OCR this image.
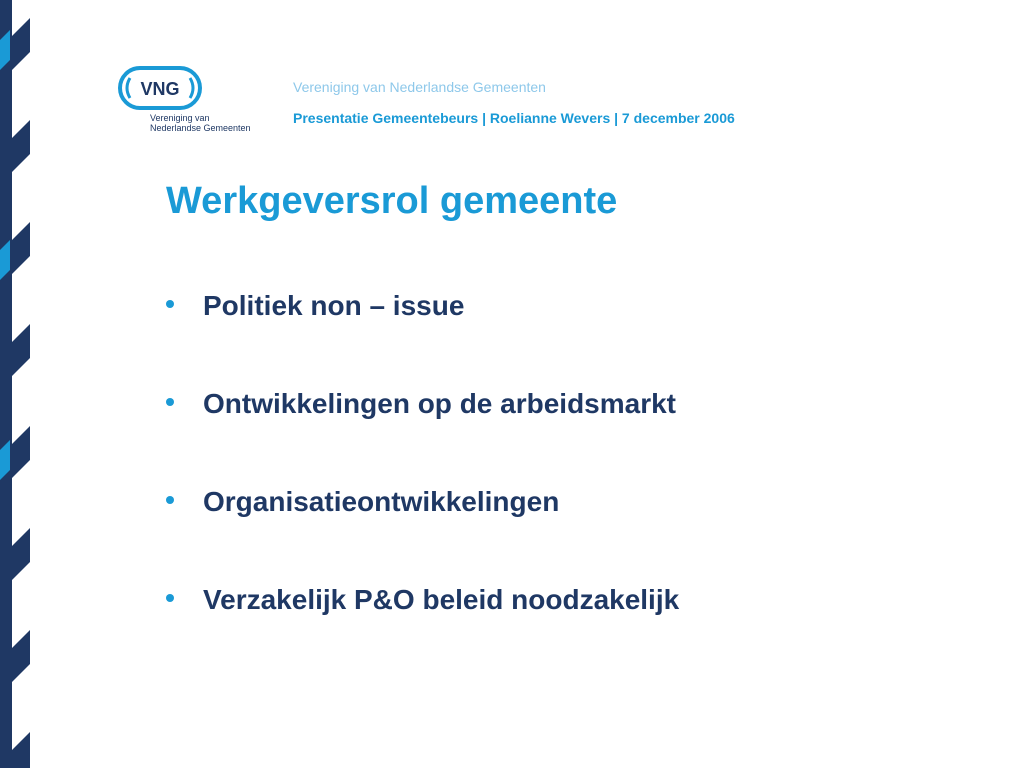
VNG
Vereniging van
Nederlandse Gemeenten
Vereniging van Nederlandse Gemeenten
Presentatie Gemeentebeurs | Roelianne Wevers | 7 december 2006
Werkgeversrol gemeente
Politiek non – issue
Ontwikkelingen op de arbeidsmarkt
Organisatieontwikkelingen
Verzakelijk P&O beleid noodzakelijk
